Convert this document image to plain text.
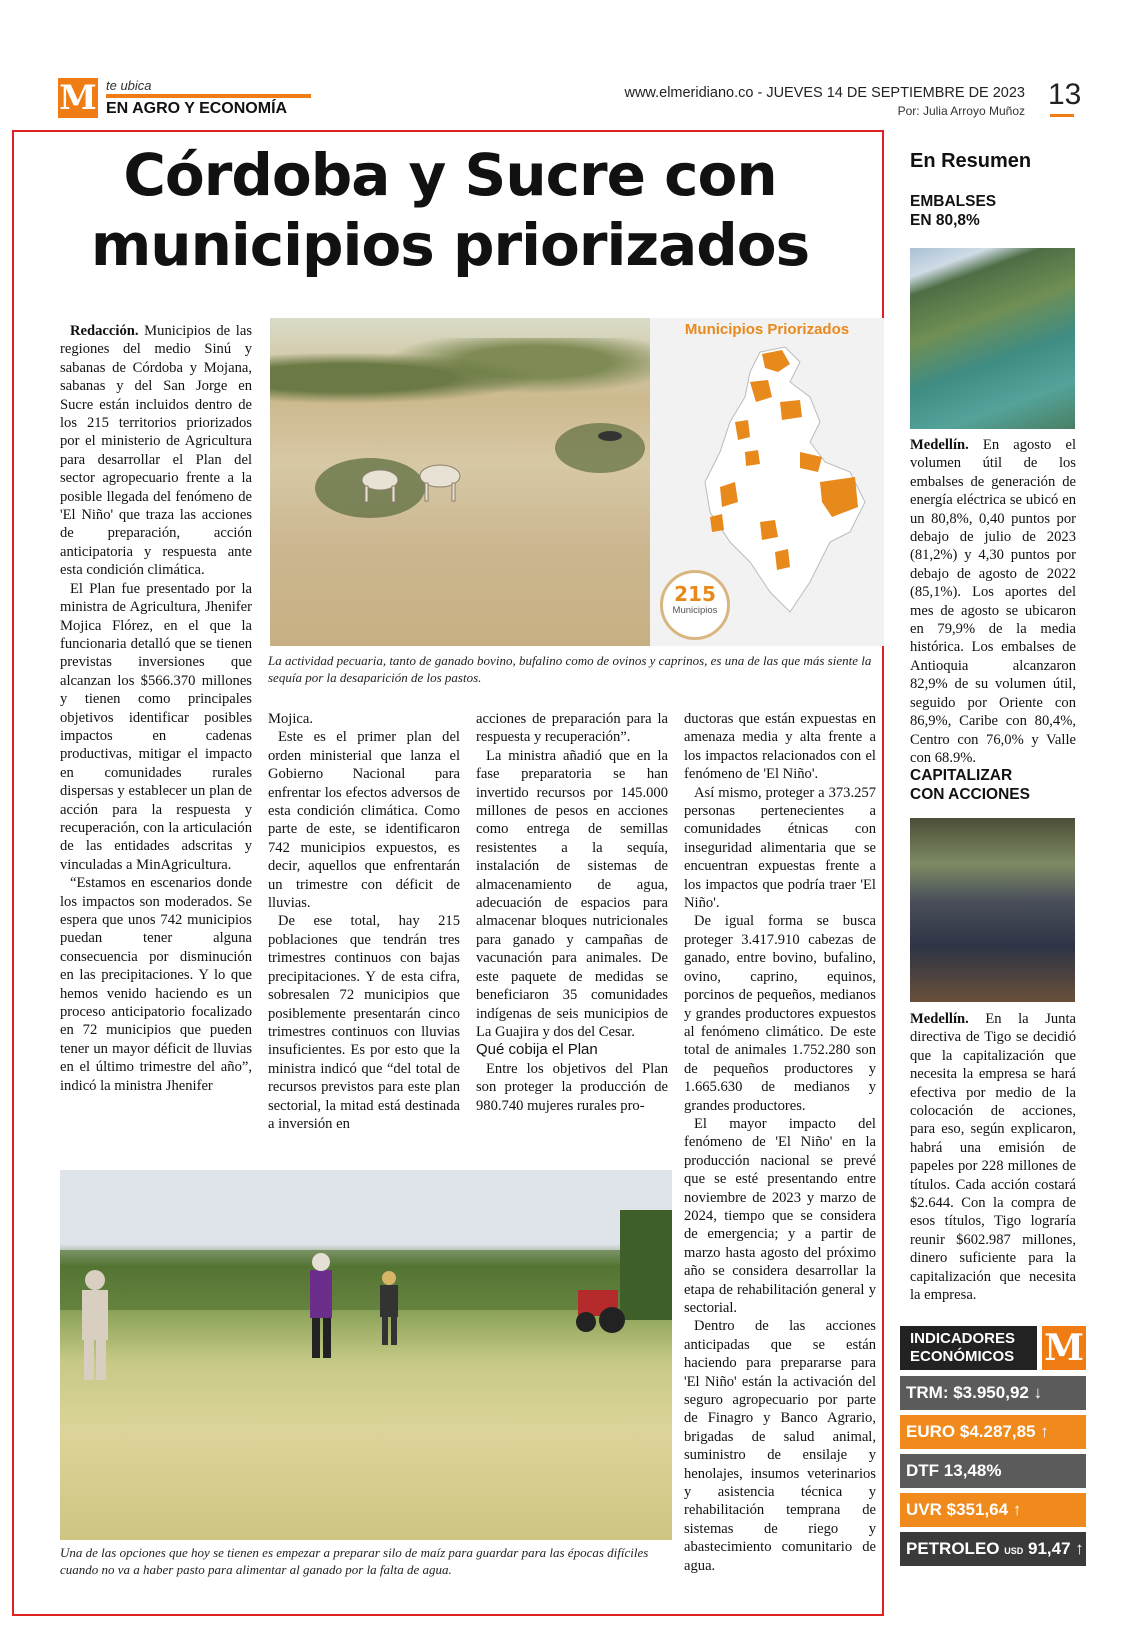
M te ubica
EN AGRO Y ECONOMÍA
www.elmeridiano.co - JUEVES 14 DE SEPTIEMBRE DE 2023
Por: Julia Arroyo Muñoz 13
Córdoba y Sucre con
municipios priorizados

Redacción. Municipios de las regiones del medio Sinú y sabanas de Córdoba y Mojana, sabanas y del San Jorge en Sucre están incluidos dentro de los 215 territorios priorizados por el ministerio de Agricultura para desarrollar el Plan del sector agropecuario frente a la posible llegada del fenómeno de 'El Niño' que traza las acciones de preparación, acción anticipatoria y respuesta ante esta condición climática.

El Plan fue presentado por la ministra de Agricultura, Jhenifer Mojica Flórez, en el que la funcionaria detalló que se tienen previstas inversiones que alcanzan los $566.370 millones y tienen como principales objetivos identificar posibles impactos en cadenas productivas, mitigar el impacto en comunidades rurales dispersas y establecer un plan de acción para la respuesta y recuperación, con la articulación de las entidades adscritas y vinculadas a MinAgricultura.

“Estamos en escenarios donde los impactos son moderados. Se espera que unos 742 municipios puedan tener alguna consecuencia por disminución en las precipitaciones. Y lo que hemos venido haciendo es un proceso anticipatorio focalizado en 72 municipios que pueden tener un mayor déficit de lluvias en el último trimestre del año”, indicó la ministra Jhenifer

Municipios Priorizados
215
Municipios
La actividad pecuaria, tanto de ganado bovino, bufalino como de ovinos y caprinos, es una de las que más siente la sequía por la desaparición de los pastos.

Mojica.

Este es el primer plan del orden ministerial que lanza el Gobierno Nacional para enfrentar los efectos adversos de esta condición climática. Como parte de este, se identificaron 742 municipios expuestos, es decir, aquellos que enfrentarán un trimestre con déficit de lluvias.

De ese total, hay 215 poblaciones que tendrán tres trimestres continuos con bajas precipitaciones. Y de esta cifra, sobresalen 72 municipios que posiblemente presentarán cinco trimestres continuos con lluvias insuficientes. Es por esto que la ministra indicó que “del total de recursos previstos para este plan sectorial, la mitad está destinada a inversión en

acciones de preparación para la respuesta y recuperación”.

La ministra añadió que en la fase preparatoria se han invertido recursos por 145.000 millones de pesos en acciones como entrega de semillas resistentes a la sequía, instalación de sistemas de almacenamiento de agua, adecuación de espacios para almacenar bloques nutricionales para ganado y campañas de vacunación para animales. De este paquete de medidas se beneficiaron 35 comunidades indígenas de seis municipios de La Guajira y dos del Cesar.

Qué cobija el Plan

Entre los objetivos del Plan son proteger la producción de 980.740 mujeres rurales pro-

ductoras que están expuestas en amenaza media y alta frente a los impactos relacionados con el fenómeno de 'El Niño'.

Así mismo, proteger a 373.257 personas pertenecientes a comunidades étnicas con inseguridad alimentaria que se encuentran expuestas frente a los impactos que podría traer 'El Niño'.

De igual forma se busca proteger 3.417.910 cabezas de ganado, entre bovino, bufalino, ovino, caprino, equinos, porcinos de pequeños, medianos y grandes productores expuestos al fenómeno climático. De este total de animales 1.752.280 son de pequeños productores y 1.665.630 de medianos y grandes productores.

El mayor impacto del fenómeno de 'El Niño' en la producción nacional se prevé que se esté presentando entre noviembre de 2023 y marzo de 2024, tiempo que se considera de emergencia; y a partir de marzo hasta agosto del próximo año se considera desarrollar la etapa de rehabilitación general y sectorial.

Dentro de las acciones anticipadas que se están haciendo para prepararse para 'El Niño' están la activación del seguro agropecuario por parte de Finagro y Banco Agrario, brigadas de salud animal, suministro de ensilaje y henolajes, insumos veterinarios y asistencia técnica y rehabilitación temprana de sistemas de riego y abastecimiento comunitario de agua.

Una de las opciones que hoy se tienen es empezar a preparar silo de maíz para guardar para las épocas difíciles cuando no va a haber pasto para alimentar al ganado por la falta de agua.
En Resumen
EMBALSES
EN 80,8%
Medellín. En agosto el volumen útil de los embalses de generación de energía eléctrica se ubicó en un 80,8%, 0,40 puntos por debajo de julio de 2023 (81,2%) y 4,30 puntos por debajo de agosto de 2022 (85,1%). Los aportes del mes de agosto se ubicaron en 79,9% de la media histórica. Los embalses de Antioquia alcanzaron 82,9% de su volumen útil, seguido por Oriente con 86,9%, Caribe con 80,4%, Centro con 76,0% y Valle con 68.9%.
CAPITALIZAR
CON ACCIONES
Medellín. En la Junta directiva de Tigo se decidió que la capitalización que necesita la empresa se hará efectiva por medio de la colocación de acciones, para eso, según explicaron, habrá una emisión de papeles por 228 millones de títulos. Cada acción costará $2.644. Con la compra de esos títulos, Tigo lograría reunir $602.987 millones, dinero suficiente para la capitalización que necesita la empresa.
INDICADORES
ECONÓMICOS M
TRM: $3.950,92 ↓
EURO $4.287,85 ↑
DTF 13,48%
UVR $351,64 ↑
PETROLEO USD 91,47 ↑
